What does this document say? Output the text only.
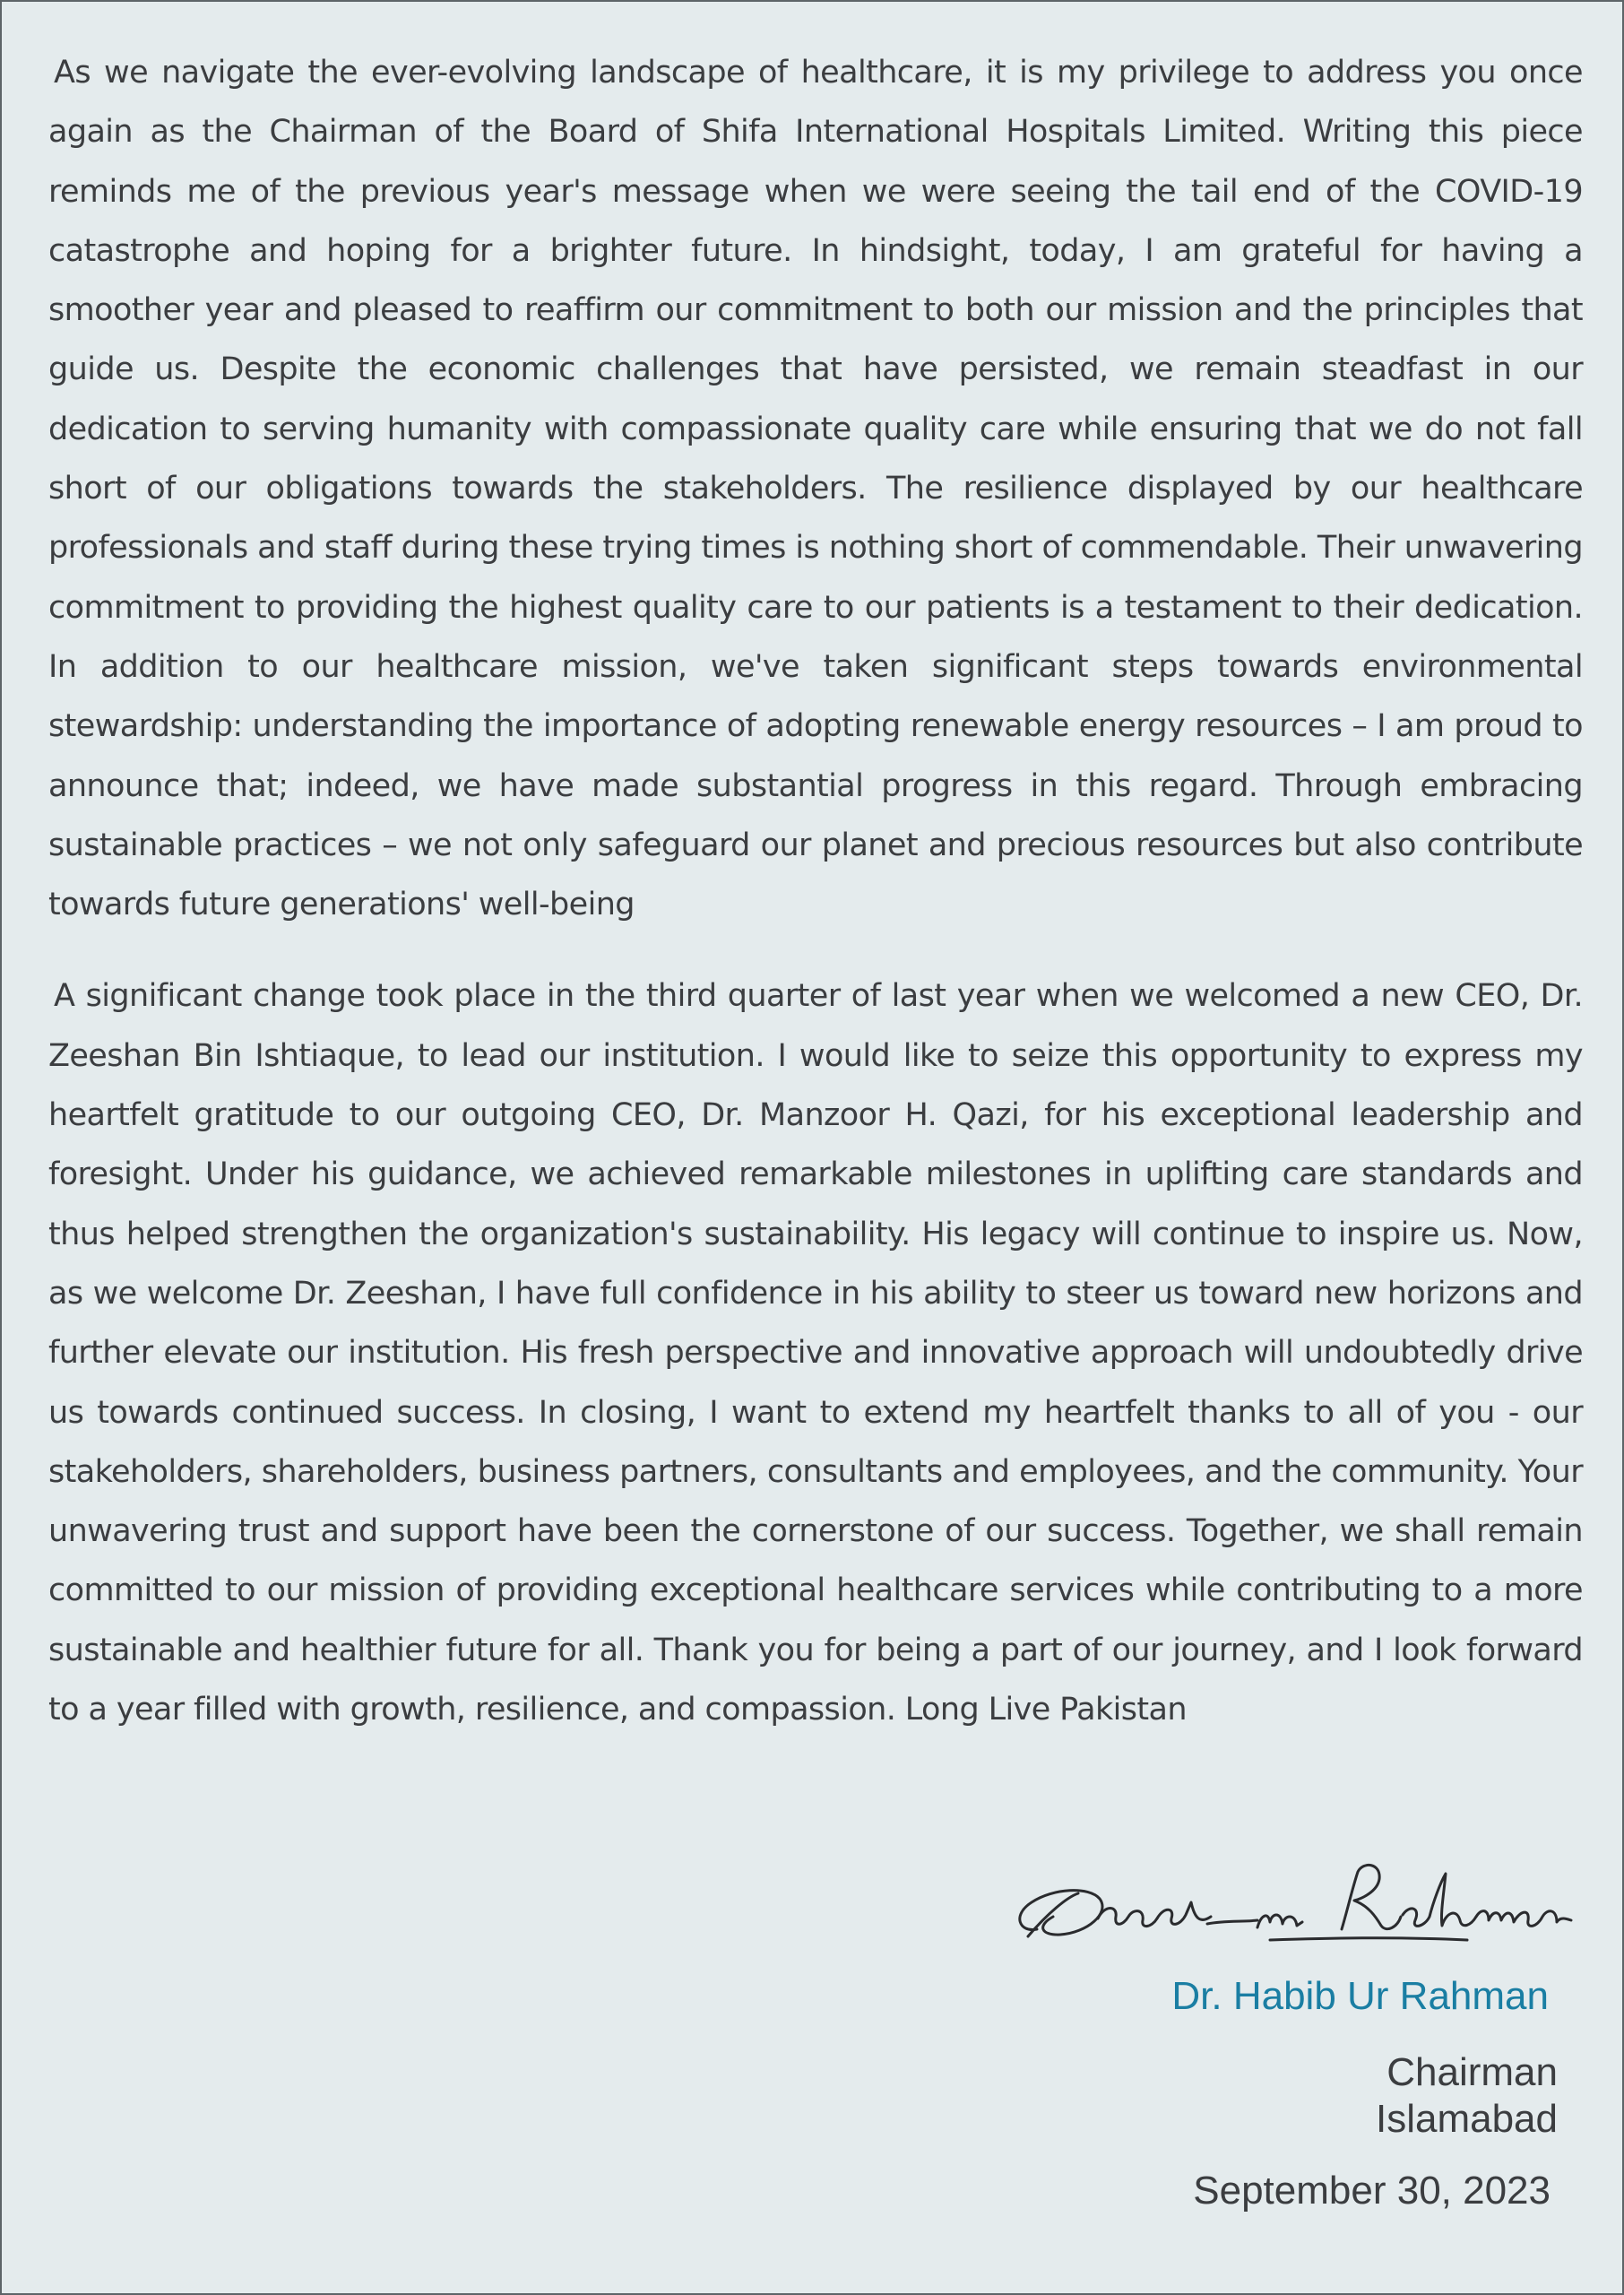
As we navigate the ever-evolving landscape of healthcare, it is my privilege to address you once again as the Chairman of the Board of Shifa International Hospitals Limited. Writing this piece reminds me of the previous year's message when we were seeing the tail end of the COVID-19 catastrophe and hoping for a brighter future. In hindsight, today, I am grateful for having a smoother year and pleased to reaffirm our commitment to both our mission and the principles that guide us. Despite the economic challenges that have persisted, we remain steadfast in our dedication to serving humanity with compassionate quality care while ensuring that we do not fall short of our obligations towards the stakeholders. The resilience displayed by our healthcare professionals and staff during these trying times is nothing short of commendable. Their unwavering commitment to providing the highest quality care to our patients is a testament to their dedication. In addition to our healthcare mission, we've taken significant steps towards environmental stewardship: understanding the importance of adopting renewable energy resources – I am proud to announce that; indeed, we have made substantial progress in this regard. Through embracing sustainable practices – we not only safeguard our planet and precious resources but also contribute towards future generations' well-being

A significant change took place in the third quarter of last year when we welcomed a new CEO, Dr. Zeeshan Bin Ishtiaque, to lead our institution. I would like to seize this opportunity to express my heartfelt gratitude to our outgoing CEO, Dr. Manzoor H. Qazi, for his exceptional leadership and foresight. Under his guidance, we achieved remarkable milestones in uplifting care standards and thus helped strengthen the organization's sustainability. His legacy will continue to inspire us. Now, as we welcome Dr. Zeeshan, I have full confidence in his ability to steer us toward new horizons and further elevate our institution. His fresh perspective and innovative approach will undoubtedly drive us towards continued success. In closing, I want to extend my heartfelt thanks to all of you - our stakeholders, shareholders, business partners, consultants and employees, and the community. Your unwavering trust and support have been the cornerstone of our success. Together, we shall remain committed to our mission of providing exceptional healthcare services while contributing to a more sustainable and healthier future for all. Thank you for being a part of our journey, and I look forward to a year filled with growth, resilience, and compassion. Long Live Pakistan

Dr. Habib Ur Rahman
Chairman
Islamabad
September 30, 2023
